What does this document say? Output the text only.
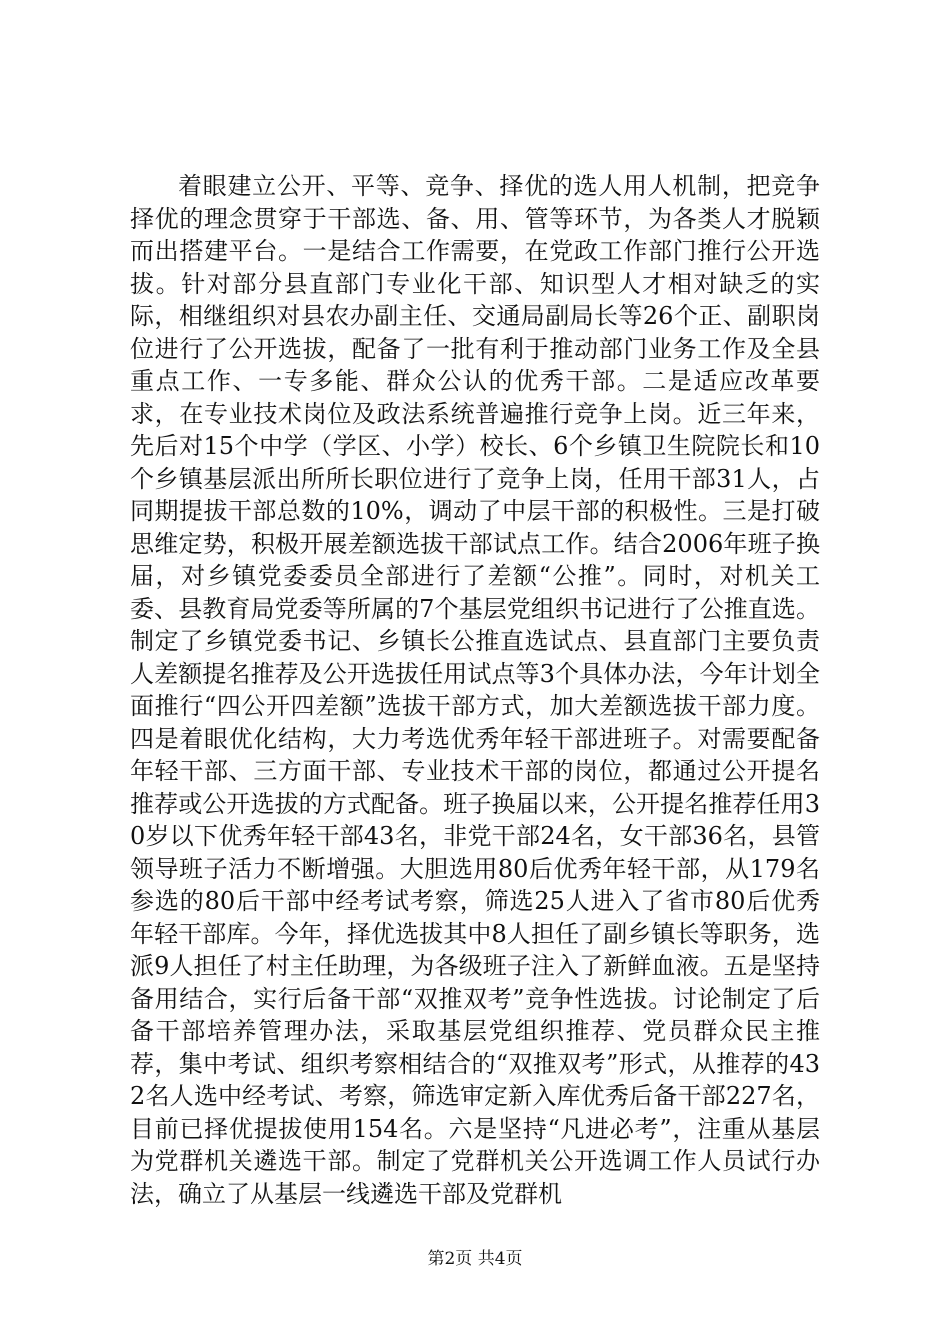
着眼建立公开、平等、竞争、择优的选人用人机制，把竞争择优的理念贯穿于干部选、备、用、管等环节，为各类人才脱颖而出搭建平台。一是结合工作需要，在党政工作部门推行公开选拔。针对部分县直部门专业化干部、知识型人才相对缺乏的实际，相继组织对县农办副主任、交通局副局长等26个正、副职岗位进行了公开选拔，配备了一批有利于推动部门业务工作及全县重点工作、一专多能、群众公认的优秀干部。二是适应改革要求，在专业技术岗位及政法系统普遍推行竞争上岗。近三年来，先后对15个中学（学区、小学）校长、6个乡镇卫生院院长和10个乡镇基层派出所所长职位进行了竞争上岗，任用干部31人，占同期提拔干部总数的10%，调动了中层干部的积极性。三是打破思维定势，积极开展差额选拔干部试点工作。结合2006年班子换届，对乡镇党委委员全部进行了差额“公推”。同时，对机关工委、县教育局党委等所属的7个基层党组织书记进行了公推直选。制定了乡镇党委书记、乡镇长公推直选试点、县直部门主要负责人差额提名推荐及公开选拔任用试点等3个具体办法，今年计划全面推行“四公开四差额”选拔干部方式，加大差额选拔干部力度。四是着眼优化结构，大力考选优秀年轻干部进班子。对需要配备年轻干部、三方面干部、专业技术干部的岗位，都通过公开提名推荐或公开选拔的方式配备。班子换届以来，公开提名推荐任用30岁以下优秀年轻干部43名，非党干部24名，女干部36名，县管领导班子活力不断增强。大胆选用80后优秀年轻干部，从179名参选的80后干部中经考试考察，筛选25人进入了省市80后优秀年轻干部库。今年，择优选拔其中8人担任了副乡镇长等职务，选派9人担任了村主任助理，为各级班子注入了新鲜血液。五是坚持备用结合，实行后备干部“双推双考”竞争性选拔。讨论制定了后备干部培养管理办法，采取基层党组织推荐、党员群众民主推荐，集中考试、组织考察相结合的“双推双考”形式，从推荐的432名人选中经考试、考察，筛选审定新入库优秀后备干部227名，目前已择优提拔使用154名。六是坚持“凡进必考”，注重从基层为党群机关遴选干部。制定了党群机关公开选调工作人员试行办法，确立了从基层一线遴选干部及党群机

第2页 共4页
